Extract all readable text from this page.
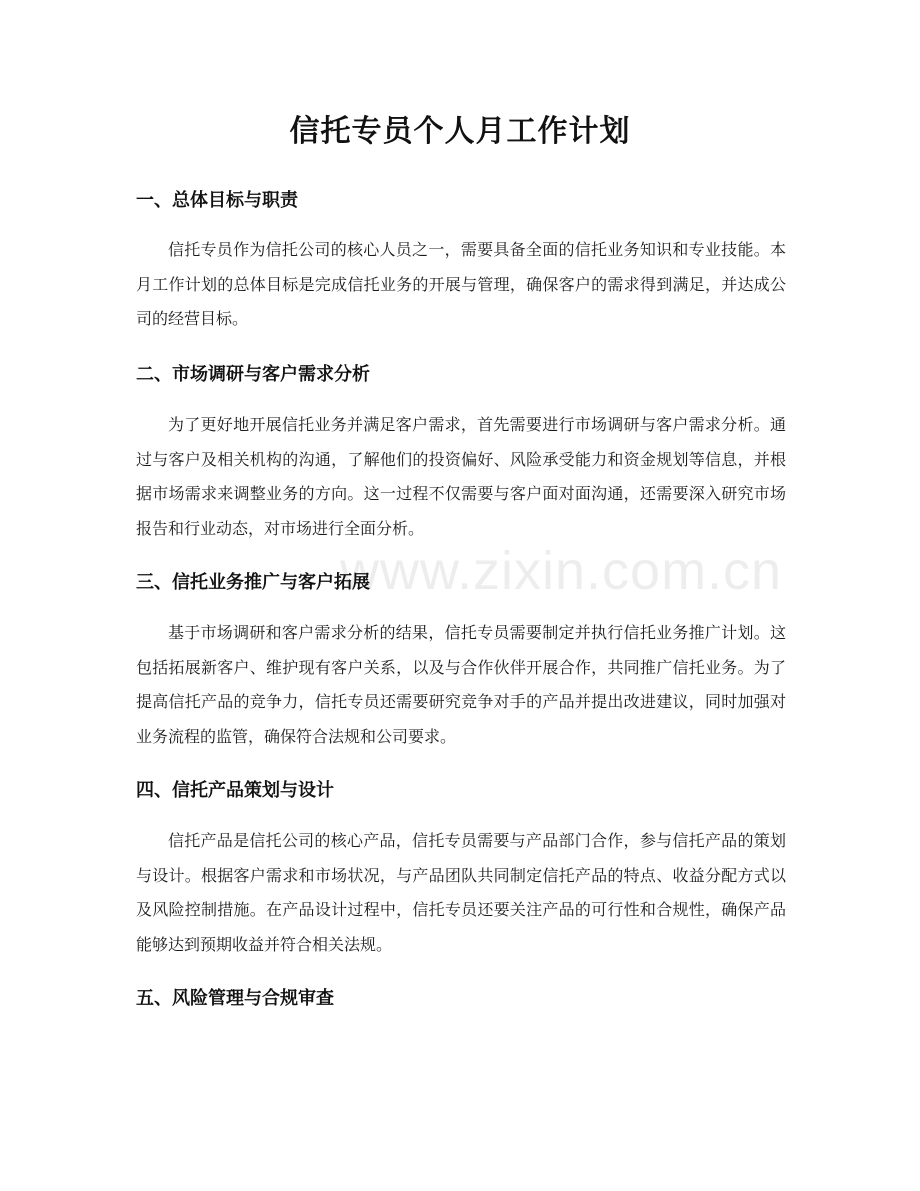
信托专员个人月工作计划
www.zixin.com.cn
一、总体目标与职责

信托专员作为信托公司的核心人员之一，需要具备全面的信托业务知识和专业技能。本月工作计划的总体目标是完成信托业务的开展与管理，确保客户的需求得到满足，并达成公司的经营目标。

二、市场调研与客户需求分析

为了更好地开展信托业务并满足客户需求，首先需要进行市场调研与客户需求分析。通过与客户及相关机构的沟通，了解他们的投资偏好、风险承受能力和资金规划等信息，并根据市场需求来调整业务的方向。这一过程不仅需要与客户面对面沟通，还需要深入研究市场报告和行业动态，对市场进行全面分析。

三、信托业务推广与客户拓展

基于市场调研和客户需求分析的结果，信托专员需要制定并执行信托业务推广计划。这包括拓展新客户、维护现有客户关系，以及与合作伙伴开展合作，共同推广信托业务。为了提高信托产品的竞争力，信托专员还需要研究竞争对手的产品并提出改进建议，同时加强对业务流程的监管，确保符合法规和公司要求。

四、信托产品策划与设计

信托产品是信托公司的核心产品，信托专员需要与产品部门合作，参与信托产品的策划与设计。根据客户需求和市场状况，与产品团队共同制定信托产品的特点、收益分配方式以及风险控制措施。在产品设计过程中，信托专员还要关注产品的可行性和合规性，确保产品能够达到预期收益并符合相关法规。

五、风险管理与合规审查
